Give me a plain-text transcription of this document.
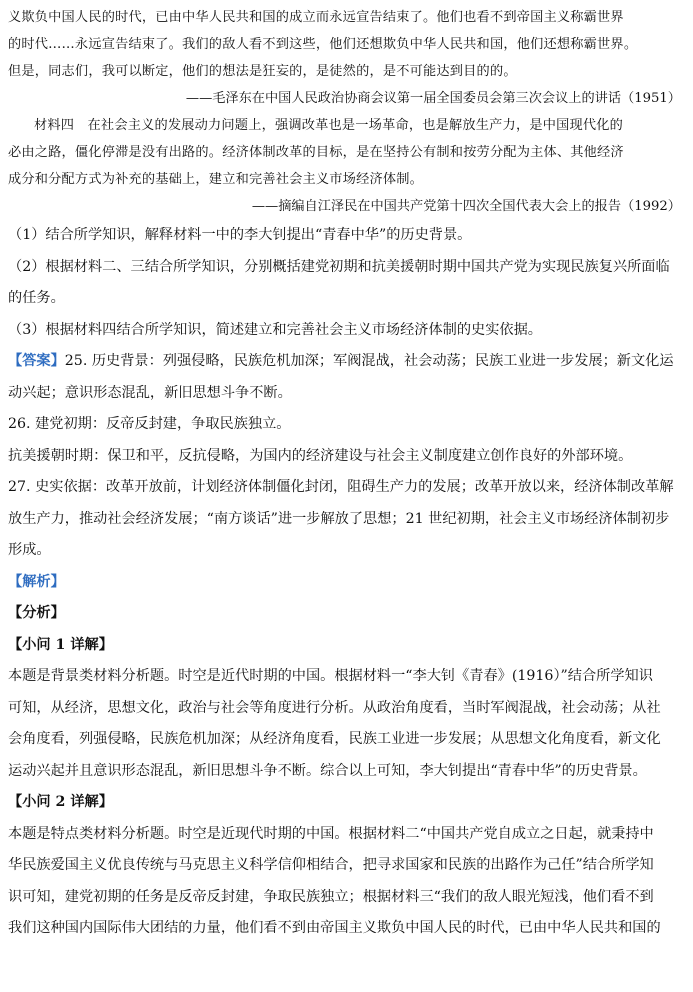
义欺负中国人民的时代，已由中华人民共和国的成立而永远宣告结束了。他们也看不到帝国主义称霸世界
的时代……永远宣告结束了。我们的敌人看不到这些，他们还想欺负中华人民共和国，他们还想称霸世界。
但是，同志们，我可以断定，他们的想法是狂妄的，是徒然的，是不可能达到目的的。
——毛泽东在中国人民政治协商会议第一届全国委员会第三次会议上的讲话（1951）
材料四　在社会主义的发展动力问题上，强调改革也是一场革命，也是解放生产力，是中国现代化的
必由之路，僵化停滞是没有出路的。经济体制改革的目标，是在坚持公有制和按劳分配为主体、其他经济
成分和分配方式为补充的基础上，建立和完善社会主义市场经济体制。
——摘编自江泽民在中国共产党第十四次全国代表大会上的报告（1992）
（1）结合所学知识，解释材料一中的李大钊提出“青春中华”的历史背景。
（2）根据材料二、三结合所学知识，分别概括建党初期和抗美援朝时期中国共产党为实现民族复兴所面临
的任务。
（3）根据材料四结合所学知识，简述建立和完善社会主义市场经济体制的史实依据。
【答案】25. 历史背景：列强侵略，民族危机加深；军阀混战，社会动荡；民族工业进一步发展；新文化运
动兴起；意识形态混乱，新旧思想斗争不断。
26. 建党初期：反帝反封建，争取民族独立。
抗美援朝时期：保卫和平，反抗侵略，为国内的经济建设与社会主义制度建立创作良好的外部环境。
27. 史实依据：改革开放前，计划经济体制僵化封闭，阻碍生产力的发展；改革开放以来，经济体制改革解
放生产力，推动社会经济发展；“南方谈话”进一步解放了思想；21 世纪初期，社会主义市场经济体制初步
形成。
【解析】
【分析】
【小问 1 详解】
本题是背景类材料分析题。时空是近代时期的中国。根据材料一“李大钊《青春》(1916）”结合所学知识
可知，从经济，思想文化，政治与社会等角度进行分析。从政治角度看，当时军阀混战，社会动荡；从社
会角度看，列强侵略，民族危机加深；从经济角度看，民族工业进一步发展；从思想文化角度看，新文化
运动兴起并且意识形态混乱，新旧思想斗争不断。综合以上可知，李大钊提出“青春中华”的历史背景。
【小问 2 详解】
本题是特点类材料分析题。时空是近现代时期的中国。根据材料二“中国共产党自成立之日起，就秉持中
华民族爱国主义优良传统与马克思主义科学信仰相结合，把寻求国家和民族的出路作为己任”结合所学知
识可知，建党初期的任务是反帝反封建，争取民族独立；根据材料三“我们的敌人眼光短浅，他们看不到
我们这种国内国际伟大团结的力量，他们看不到由帝国主义欺负中国人民的时代，已由中华人民共和国的
